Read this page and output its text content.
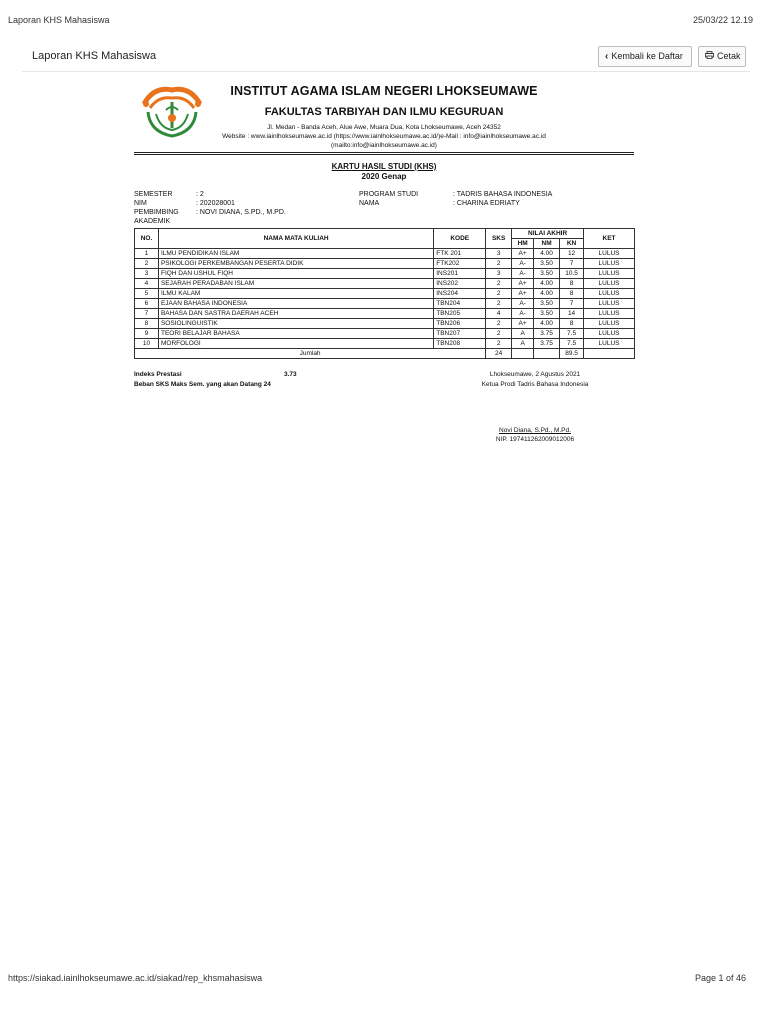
Laporan KHS Mahasiswa	25/03/22 12.19
Laporan KHS Mahasiswa	‹ Kembali ke Daftar	Cetak
INSTITUT AGAMA ISLAM NEGERI LHOKSEUMAWE
FAKULTAS TARBIYAH DAN ILMU KEGURUAN
Jl. Medan - Banda Aceh, Alue Awe, Muara Dua, Kota Lhokseumawe, Aceh 24352
Website : www.iainlhokseumawe.ac.id (https://www.iainlhokseumawe.ac.id/)e-Mail : info@iainlhokseumawe.ac.id
(mailto:info@iainlhokseumawe.ac.id)
KARTU HASIL STUDI (KHS)
2020 Genap
SEMESTER	: 2
NIM	: 202028001
PEMBIMBING AKADEMIK
: NOVI DIANA, S.PD., M.PD.
PROGRAM STUDI	: TADRIS BAHASA INDONESIA
NAMA	: CHARINA EDRIATY
NO.	NAMA MATA KULIAH	KODE	SKS	NILAI AKHIR			KET
				HM	NM	KN	
1	ILMU PENDIDIKAN ISLAM	FTK 201	3	A+	4.00	12	LULUS
2	PSIKOLOGI PERKEMBANGAN PESERTA DIDIK	FTK202	2	A-	3.50	7	LULUS
3	FIQH DAN USHUL FIQH	INS201	3	A-	3.50	10.5	LULUS
4	SEJARAH PERADABAN ISLAM	INS202	2	A+	4.00	8	LULUS
5	ILMU KALAM	INS204	2	A+	4.00	8	LULUS
6	EJAAN BAHASA INDONESIA	TBN204	2	A-	3.50	7	LULUS
7	BAHASA DAN SASTRA DAERAH ACEH	TBN205	4	A-	3.50	14	LULUS
8	SOSIOLINGUISTIK	TBN206	2	A+	4.00	8	LULUS
9	TEORI BELAJAR BAHASA	TBN207	2	A	3.75	7.5	LULUS
10	MORFOLOGI	TBN208	2	A	3.75	7.5	LULUS
Jumlah			24			89.5	
Indeks Prestasi	3.73
Beban SKS Maks Sem. yang akan Datang 24
Lhokseumawe, 2 Agustus 2021
Ketua Prodi Tadris Bahasa Indonesia
Novi Diana, S.Pd., M.Pd.
NIP. 197411262009012006
https://siakad.iainlhokseumawe.ac.id/siakad/rep_khsmahasiswa	Page 1 of 46
